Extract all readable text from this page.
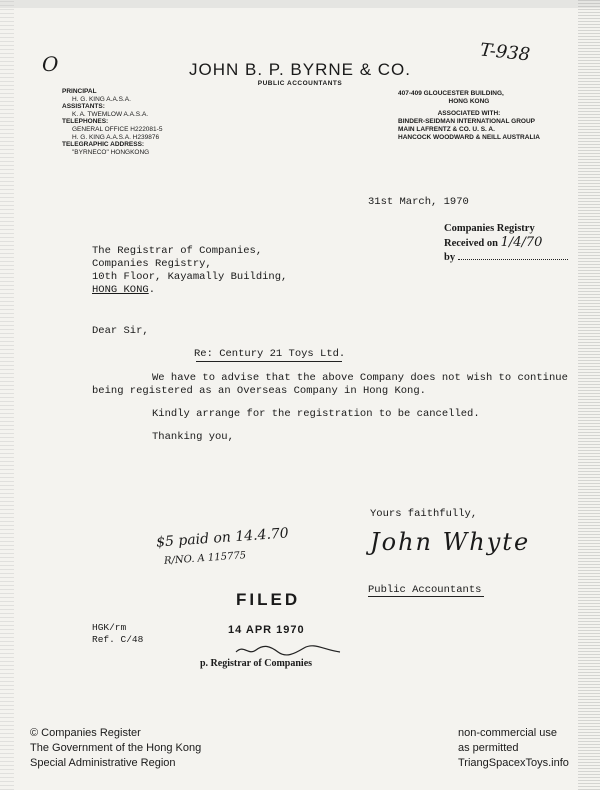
O	T-938
JOHN B. P. BYRNE & CO.
PUBLIC ACCOUNTANTS
PRINCIPAL
H. G. KING A.A.S.A.
ASSISTANTS:
K. A. TWEMLOW A.A.S.A.
TELEPHONES:
GENERAL OFFICE H222081-5
H. G. KING A.A.S.A. H239876
TELEGRAPHIC ADDRESS:
"BYRNECO" HONGKONG
407-409 GLOUCESTER BUILDING,
HONG KONG
ASSOCIATED WITH:
BINDER-SEIDMAN INTERNATIONAL GROUP
MAIN LAFRENTZ & CO. U. S. A.
HANCOCK WOODWARD & NEILL AUSTRALIA
31st March, 1970
Companies Registry
Received on 1/4/70
by
The Registrar of Companies,
Companies Registry,
10th Floor, Kayamally Building,
HONG KONG.
Dear Sir,
Re: Century 21 Toys Ltd.
We have to advise that the above Company does not wish to continue
being registered as an Overseas Company in Hong Kong.
Kindly arrange for the registration to be cancelled.
Thanking you,
Yours faithfully,
John Whyte
Public Accountants
$5 paid on 14.4.70
R/NO. A 115775
FILED
14 APR 1970
p. Registrar of Companies
HGK/rm
Ref. C/48
© Companies Register
The Government of the Hong Kong
Special Administrative Region
non-commercial use
as permitted
TriangSpacexToys.info
